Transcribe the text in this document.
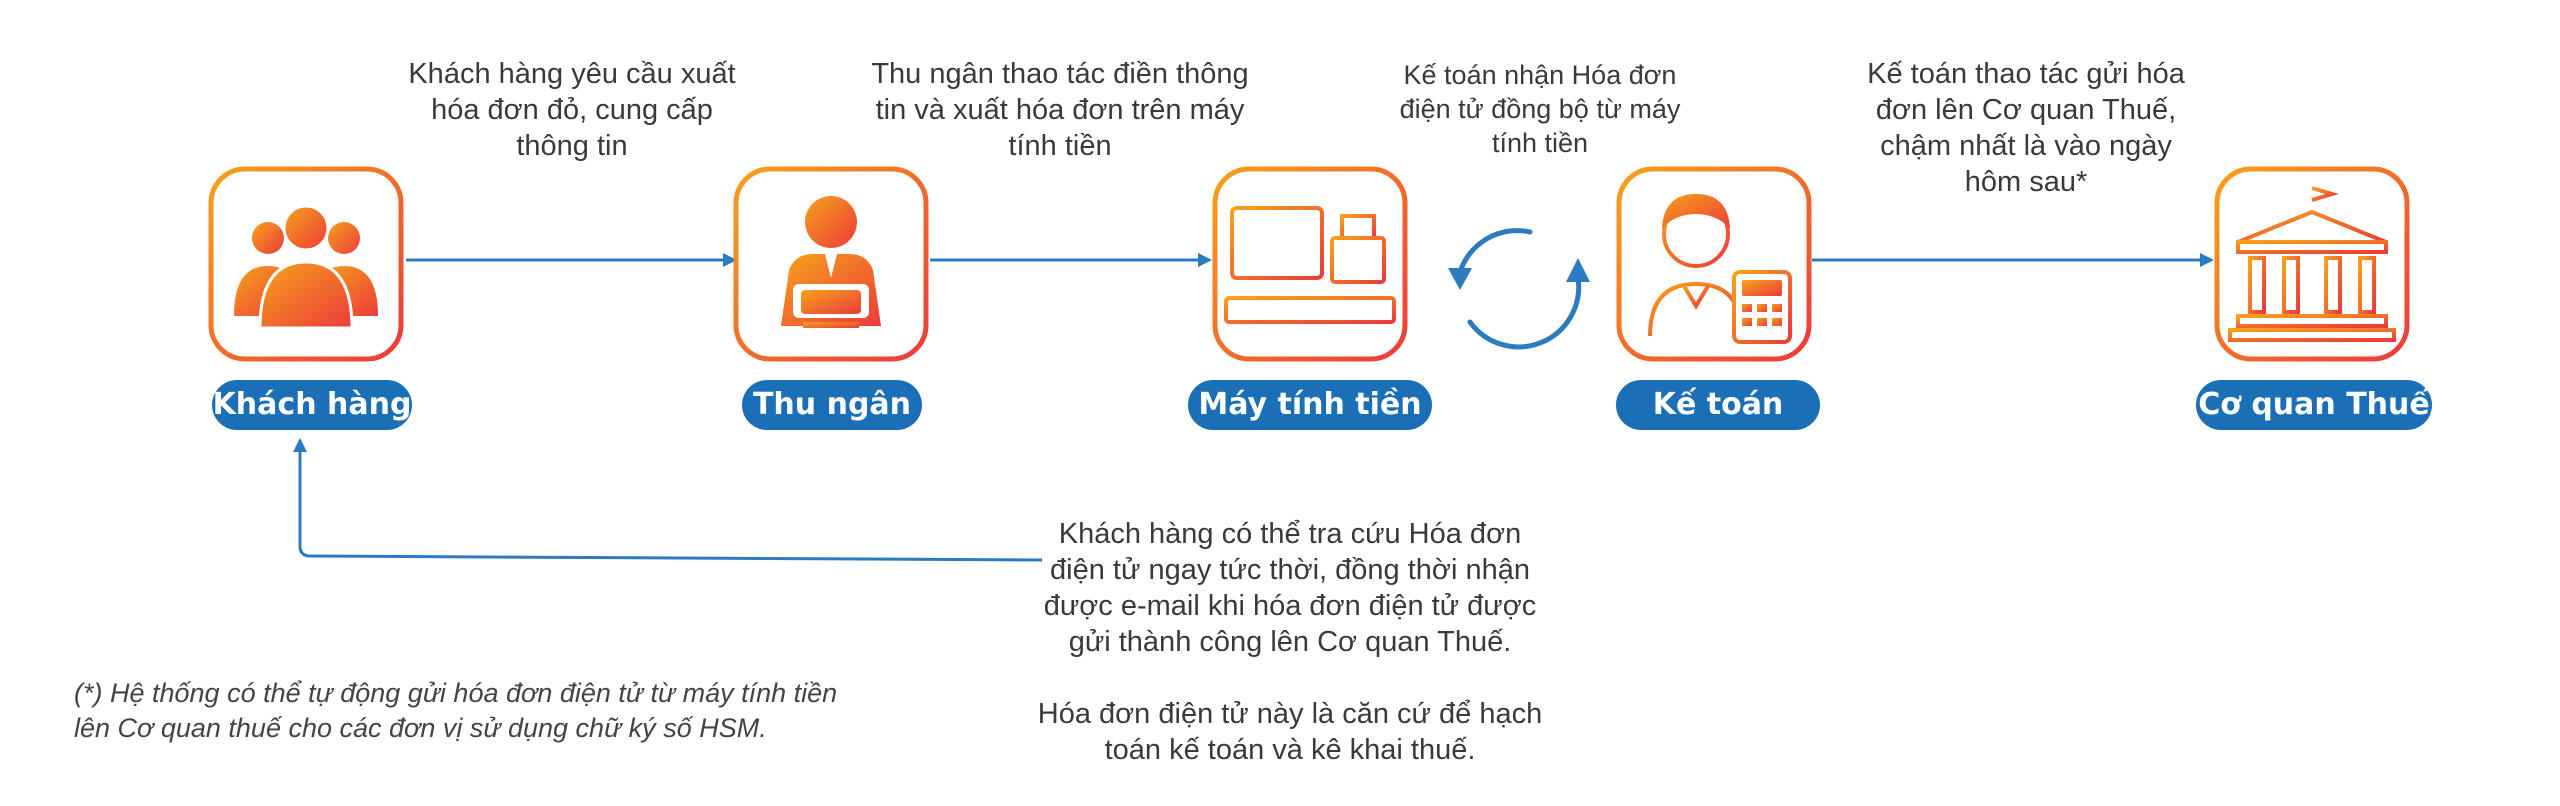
Khách hàng	Thu ngân	Máy tính tiền	Kế toán	Cơ quan Thuế
Khách hàng yêu cầu xuất
hóa đơn đỏ, cung cấp
thông tin
Thu ngân thao tác điền thông
tin và xuất hóa đơn trên máy
tính tiền
Kế toán nhận Hóa đơn
điện tử đồng bộ từ máy
tính tiền
Kế toán thao tác gửi hóa
đơn lên Cơ quan Thuế,
chậm nhất là vào ngày
hôm sau*
Khách hàng có thể tra cứu Hóa đơn
điện tử ngay tức thời, đồng thời nhận
được e-mail khi hóa đơn điện tử được
gửi thành công lên Cơ quan Thuế.
Hóa đơn điện tử này là căn cứ để hạch
toán kế toán và kê khai thuế.
(*) Hệ thống có thể tự động gửi hóa đơn điện tử từ máy tính tiền
lên Cơ quan thuế cho các đơn vị sử dụng chữ ký số HSM.
